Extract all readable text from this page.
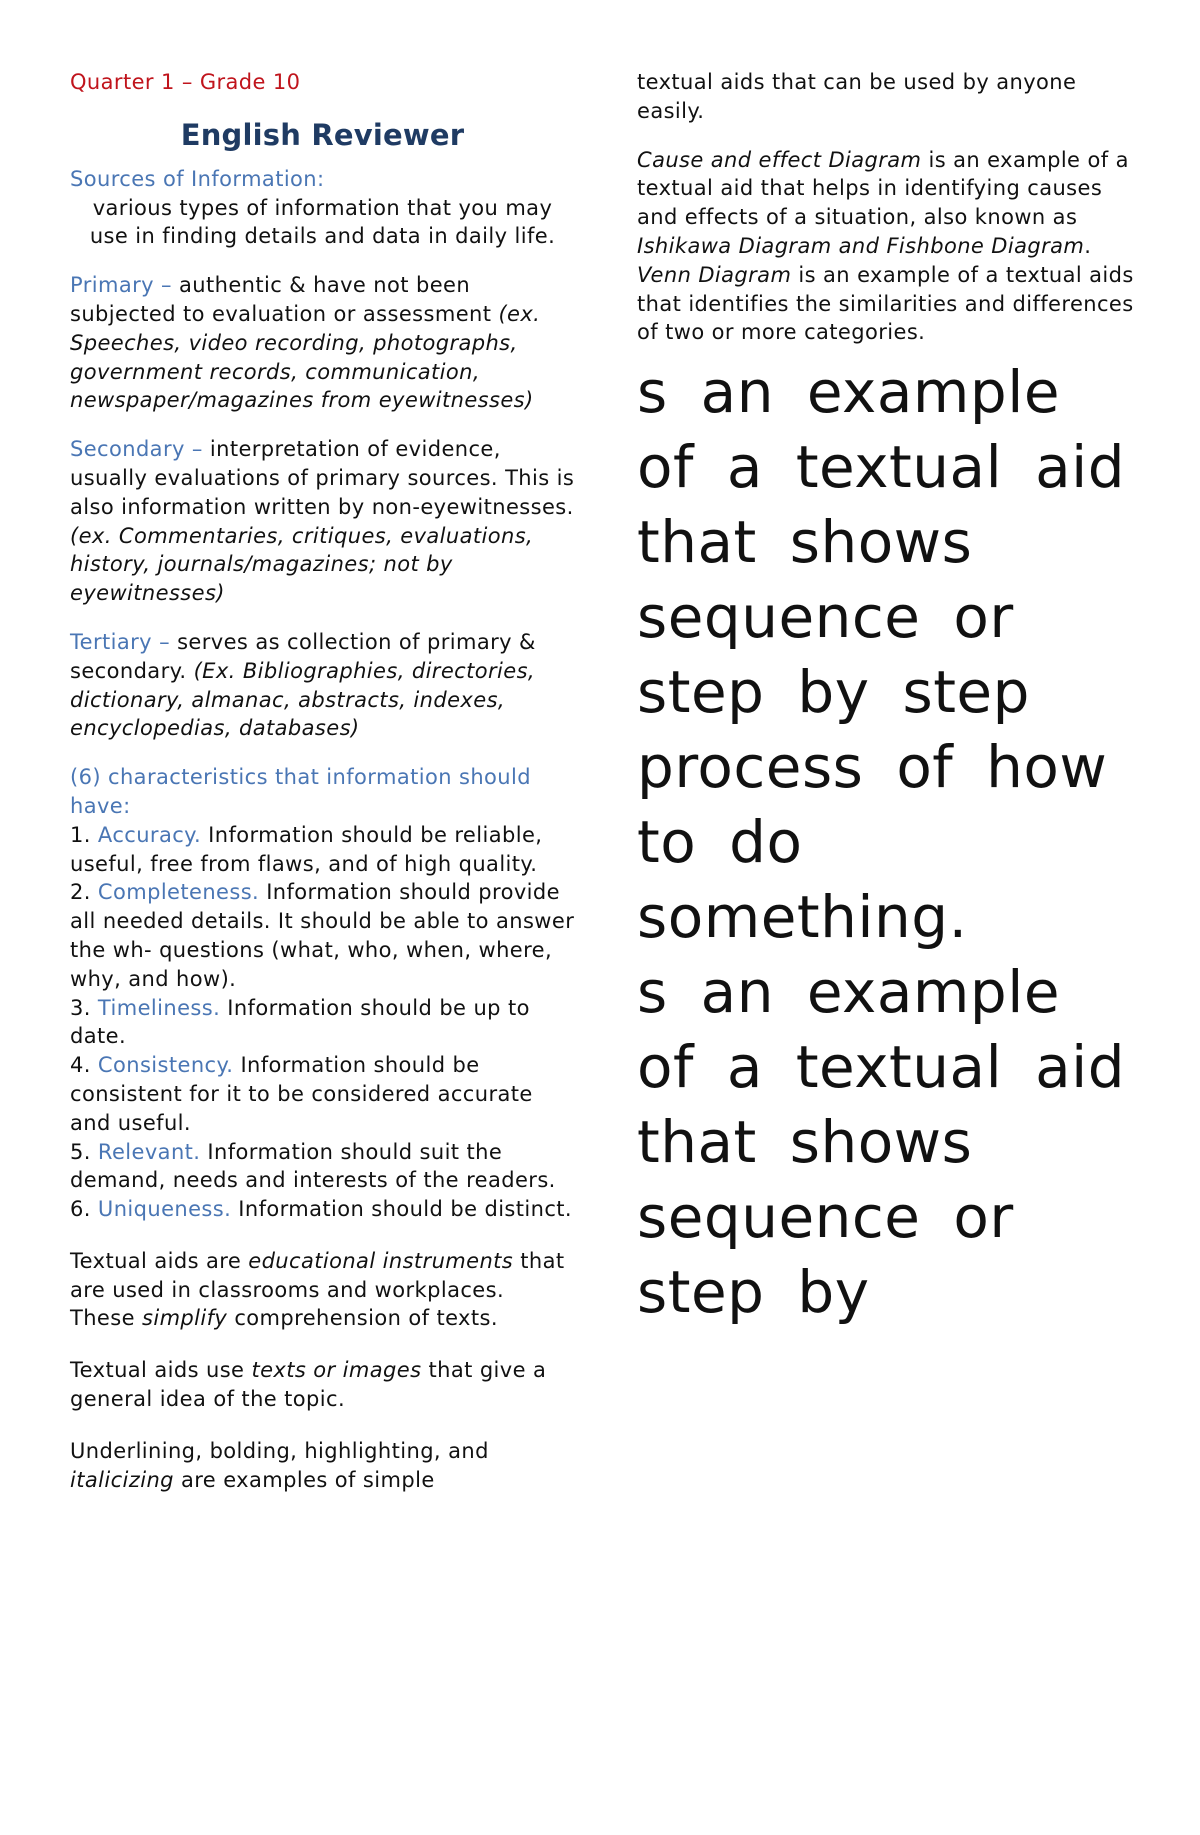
Quarter 1 – Grade 10

English Reviewer

Sources of Information:

various types of information that you may use in finding details and data in daily life.

Primary – authentic & have not been subjected to evaluation or assessment (ex. Speeches, video recording, photographs, government records, communication, newspaper/magazines from eyewitnesses)

Secondary – interpretation of evidence, usually evaluations of primary sources. This is also information written by non-eyewitnesses. (ex. Commentaries, critiques, evaluations, history, journals/magazines; not by eyewitnesses)

Tertiary – serves as collection of primary & secondary. (Ex. Bibliographies, directories, dictionary, almanac, abstracts, indexes, encyclopedias, databases)

(6) characteristics that information should have:

1. Accuracy. Information should be reliable, useful, free from flaws, and of high quality.

2. Completeness. Information should provide all needed details. It should be able to answer the wh- questions (what, who, when, where, why, and how).

3. Timeliness. Information should be up to date.

4. Consistency. Information should be consistent for it to be considered accurate and useful.

5. Relevant. Information should suit the demand, needs and interests of the readers.

6. Uniqueness. Information should be distinct.

Textual aids are educational instruments that are used in classrooms and workplaces. These simplify comprehension of texts.

Textual aids use texts or images that give a general idea of the topic.

Underlining, bolding, highlighting, and italicizing are examples of simple

textual aids that can be used by anyone easily.

Cause and effect Diagram is an example of a textual aid that helps in identifying causes and effects of a situation, also known as Ishikawa Diagram and Fishbone Diagram.

Venn Diagram is an example of a textual aids that identifies the similarities and differences of two or more categories.

s an example of a textual aid that shows sequence or step by step process of how to do something.

s an example of a textual aid that shows sequence or step by
